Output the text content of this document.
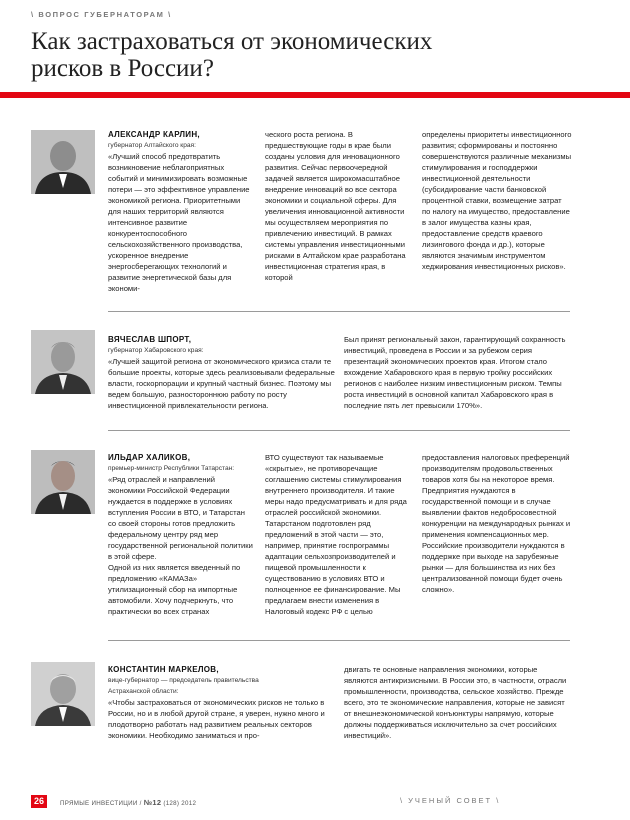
\ ВОПРОС ГУБЕРНАТОРАМ \
Как застраховаться от экономических
рисков в России?

АЛЕКСАНДР КАРЛИН,

губернатор Алтайского края:

«Лучший способ предотвратить возникновение неблагоприятных событий и минимизировать возможные потери — это эффективное управление экономикой региона. Приоритетными для наших территорий являются интенсивное развитие конкурентоспособного сельскохозяйственного производства, ускоренное внедрение энергосберегающих технологий и развитие энергетической базы для экономи-

ческого роста региона. В предшествующие годы в крае были созданы условия для инновационного развития. Сейчас первоочередной задачей является широкомасштабное внедрение инноваций во все сектора экономики и социальной сферы. Для увеличения инновационной активности мы осуществляем мероприятия по привлечению инвестиций. В рамках системы управления инвестиционными рисками в Алтайском крае разработана инвестиционная стратегия края, в которой

определены приоритеты инвестиционного развития; сформированы и постоянно совершенствуются различные механизмы стимулирования и господдержки инвестиционной деятельности (субсидирование части банковской процентной ставки, возмещение затрат по налогу на имущество, предоставление в залог имущества казны края, предоставление средств краевого лизингового фонда и др.), которые являются значимым инструментом хеджирования инвестиционных рисков».

ВЯЧЕСЛАВ ШПОРТ,

губернатор Хабаровского края:

«Лучшей защитой региона от экономического кризиса стали те большие проекты, которые здесь реализовывали федеральные власти, госкорпорации и крупный частный бизнес. Поэтому мы ведем большую, разностороннюю работу по росту инвестиционной привлекательности региона.

Был принят региональный закон, гарантирующий сохранность инвестиций, проведена в России и за рубежом серия презентаций экономических проектов края. Итогом стало вхождение Хабаровского края в первую тройку российских регионов с наиболее низким инвестиционным риском. Темпы роста инвестиций в основной капитал Хабаровского края в последние пять лет превысили 170%».

ИЛЬДАР ХАЛИКОВ,

премьер-министр Республики Татарстан:

«Ряд отраслей и направлений экономики Российской Федерации нуждается в поддержке в условиях вступления России в ВТО, и Татарстан со своей стороны готов предложить федеральному центру ряд мер государственной региональной политики в этой сфере.

Одной из них является введенный по предложению «КАМАЗа» утилизационный сбор на импортные автомобили. Хочу подчеркнуть, что практически во всех странах

ВТО существуют так называемые «скрытые», не противоречащие соглашению системы стимулирования внутреннего производителя. И такие меры надо предусматривать и для ряда отраслей российской экономики. Татарстаном подготовлен ряд предложений в этой части — это, например, принятие госпрограммы адаптации сельхозпроизводителей и пищевой промышленности к существованию в условиях ВТО и полноценное ее финансирование. Мы предлагаем внести изменения в Налоговый кодекс РФ с целью

предоставления налоговых преференций производителям продовольственных товаров хотя бы на некоторое время.

Предприятия нуждаются в государственной помощи и в случае выявлении фактов недобросовестной конкуренции на международных рынках и применения компенсационных мер. Российские производители нуждаются в поддержке при выходе на зарубежные рынки — для большинства из них без централизованной помощи будет очень сложно».

КОНСТАНТИН МАРКЕЛОВ,

вице-губернатор — председатель правительства Астраханской области:

«Чтобы застраховаться от экономических рисков не только в России, но и в любой другой стране, я уверен, нужно много и плодотворно работать над развитием реальных секторов экономики. Необходимо заниматься и про-

двигать те основные направления экономики, которые являются антикризисными. В России это, в частности, отрасли промышленности, производства, сельское хозяйство. Прежде всего, это те экономические направления, которые не зависят от внешнеэкономической конъюнктуры напрямую, которые должны поддерживаться исключительно за счет российских инвестиций».

26	ПРЯМЫЕ ИНВЕСТИЦИИ / №12 (128) 2012	\ УЧЕНЫЙ СОВЕТ \
